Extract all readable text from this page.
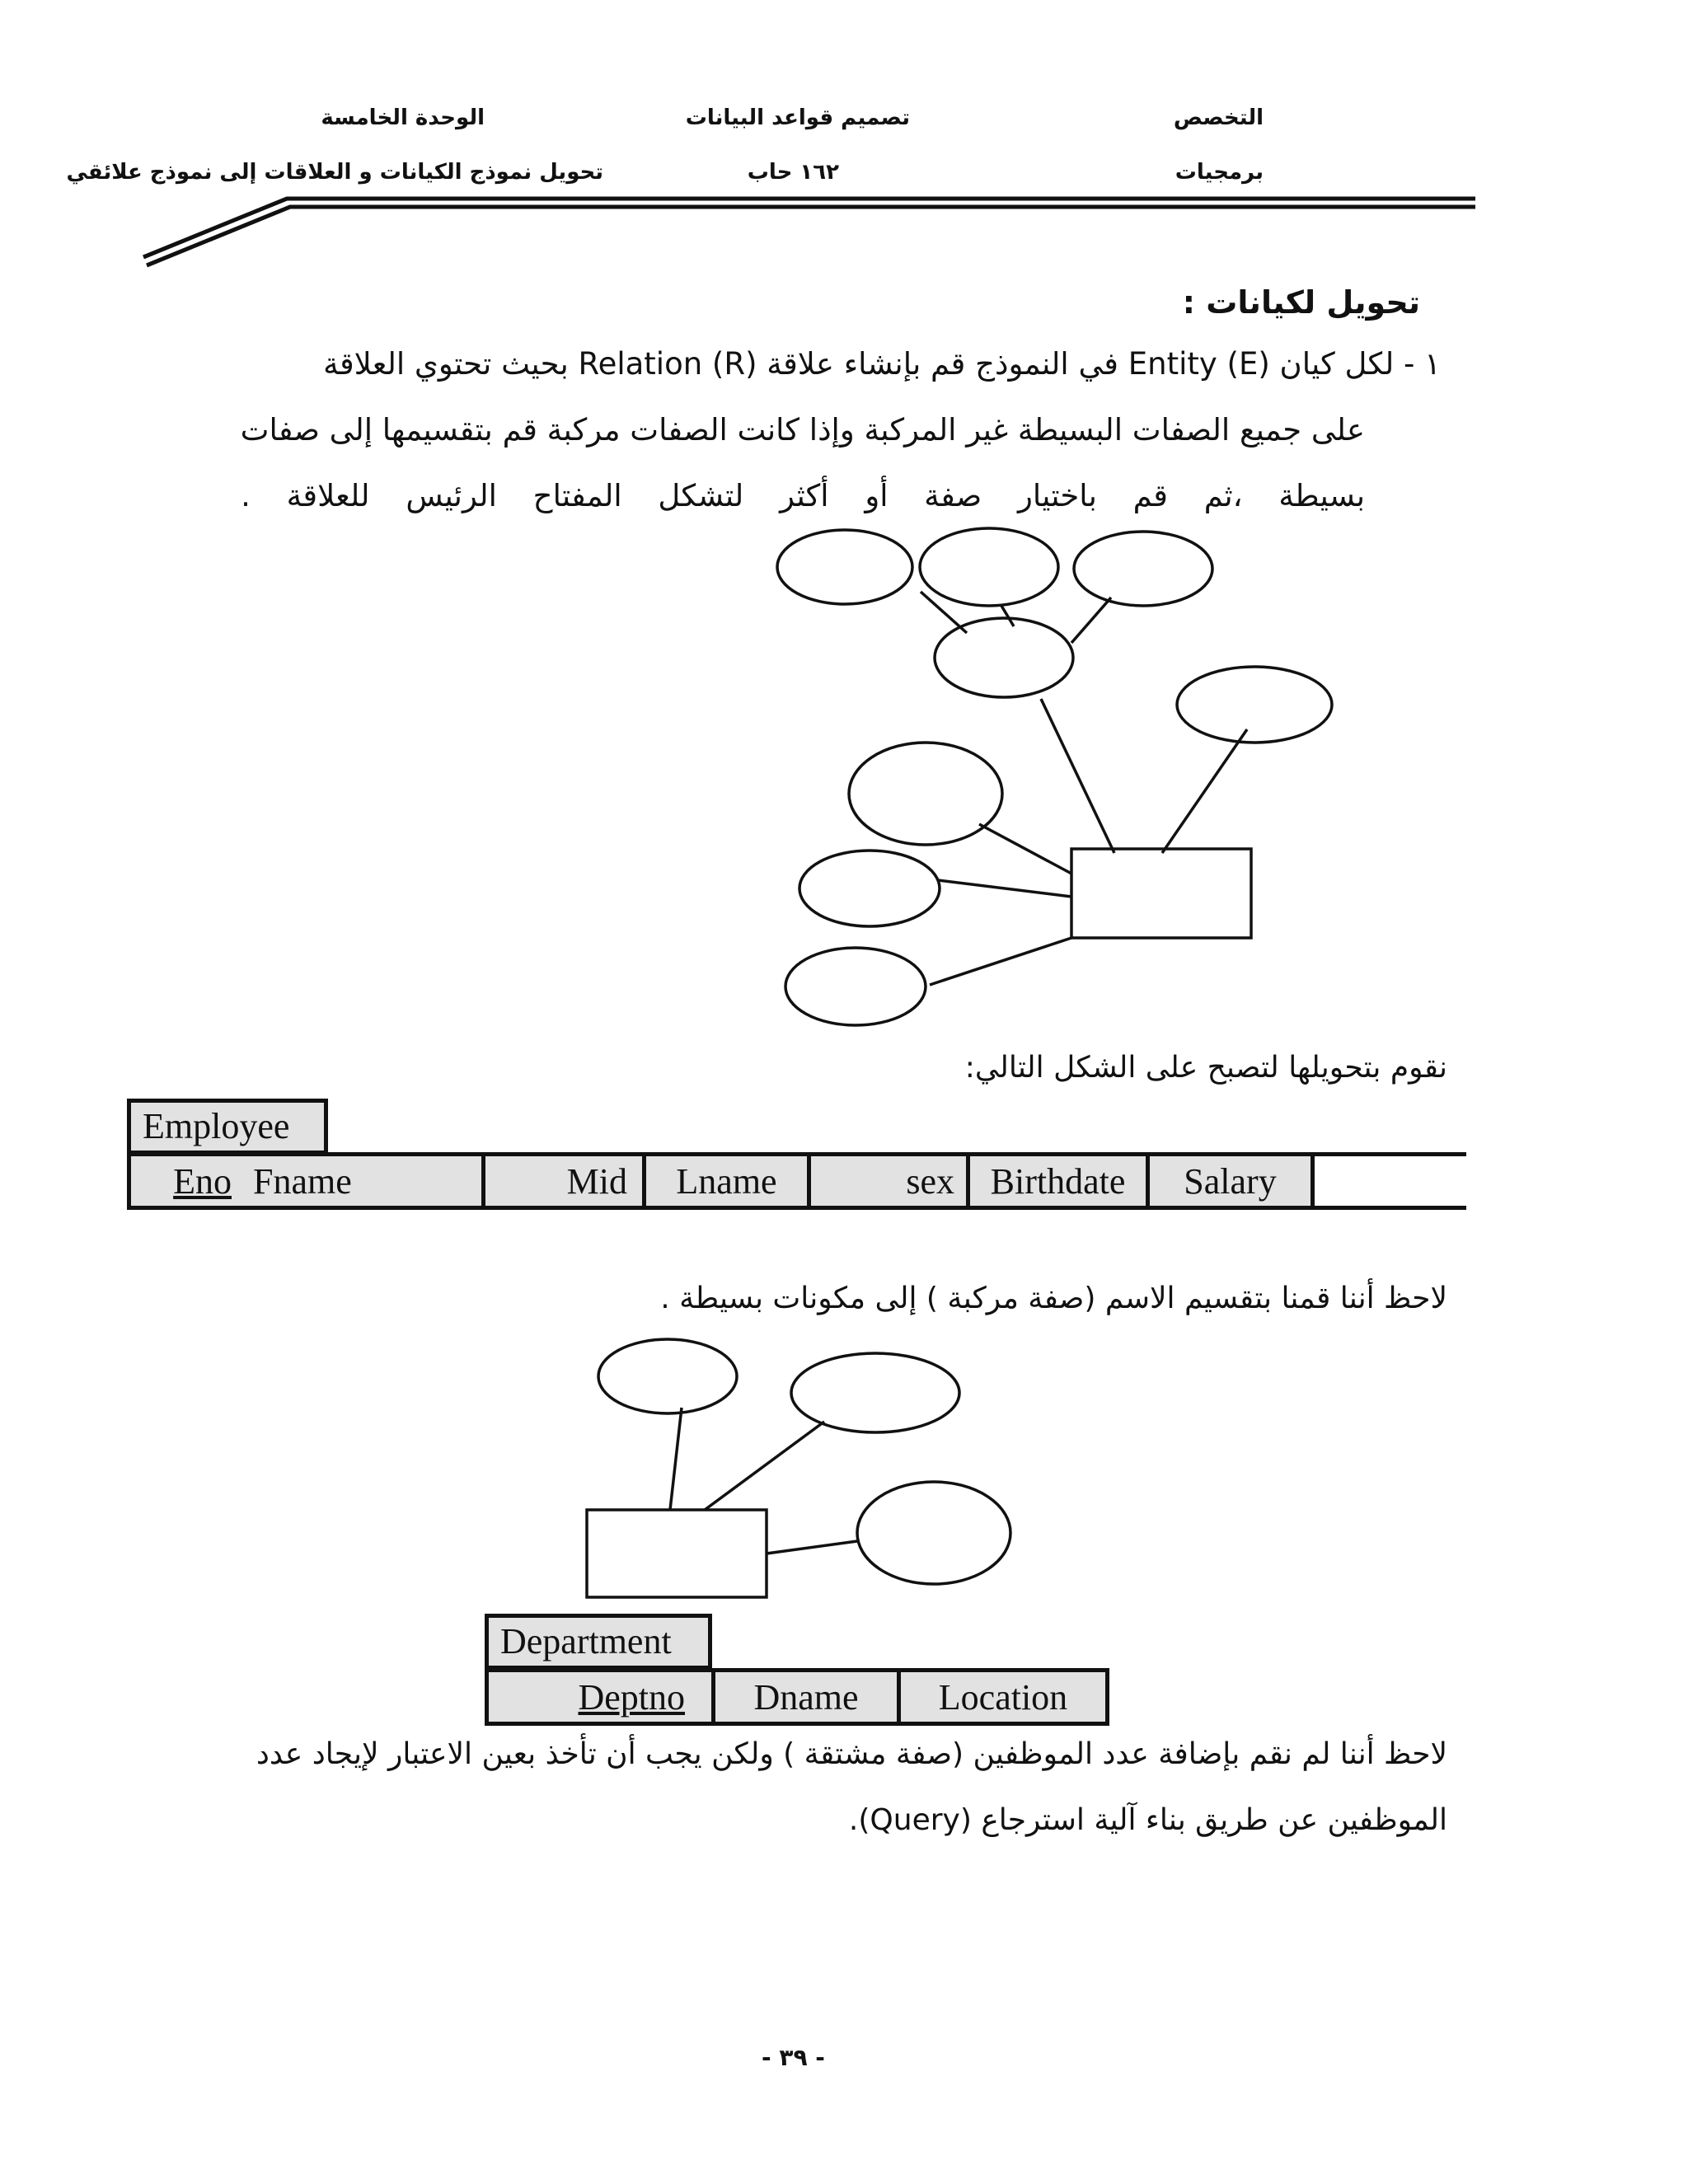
التخصص
برمجيات
تصميم قواعد البيانات
١٦٢ حاب
الوحدة الخامسة
تحويل نموذج الكيانات و العلاقات إلى نموذج علائقي
تحويل لكيانات :
١ - لكل كيان Entity (E) في النموذج قم بإنشاء علاقة Relation (R) بحيث تحتوي العلاقة
على جميع الصفات البسيطة غير المركبة وإذا كانت الصفات مركبة قم بتقسيمها إلى صفات
بسيطة ،ثم قم باختيار صفة أو أكثر لتشكل المفتاح الرئيس للعلاقة .
نقوم بتحويلها لتصبح على الشكل التالي:
Employee
Eno Fname	Mid	Lname	sex Birthdate	Salary
لاحظ أننا قمنا بتقسيم الاسم (صفة مركبة ) إلى مكونات بسيطة .
Department
Deptno	Dname	Location
لاحظ أننا لم نقم بإضافة عدد الموظفين (صفة مشتقة ) ولكن يجب أن تأخذ بعين الاعتبار لإيجاد عدد
الموظفين عن طريق بناء آلية استرجاع (Query).
- ٣٩ -
